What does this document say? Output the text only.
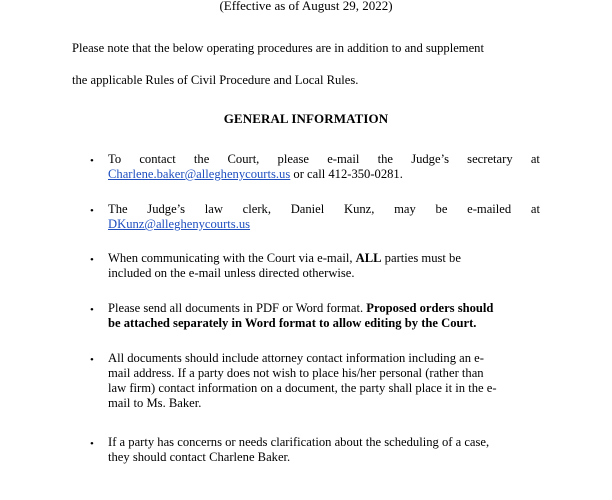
(Effective as of August 29, 2022)
Please note that the below operating procedures are in addition to and supplement
the applicable Rules of Civil Procedure and Local Rules.
GENERAL INFORMATION
•	To contact the Court, please e-mail the Judge’s secretary at
Charlene.baker@alleghenycourts.us or call 412-350-0281.
•	The Judge’s law clerk, Daniel Kunz, may be e-mailed at
DKunz@alleghenycourts.us
•	When communicating with the Court via e-mail, ALL parties must be
included on the e-mail unless directed otherwise.
•	Please send all documents in PDF or Word format. Proposed orders should
be attached separately in Word format to allow editing by the Court.
•	All documents should include attorney contact information including an e-
mail address. If a party does not wish to place his/her personal (rather than
law firm) contact information on a document, the party shall place it in the e-
mail to Ms. Baker.
•	If a party has concerns or needs clarification about the scheduling of a case,
they should contact Charlene Baker.
